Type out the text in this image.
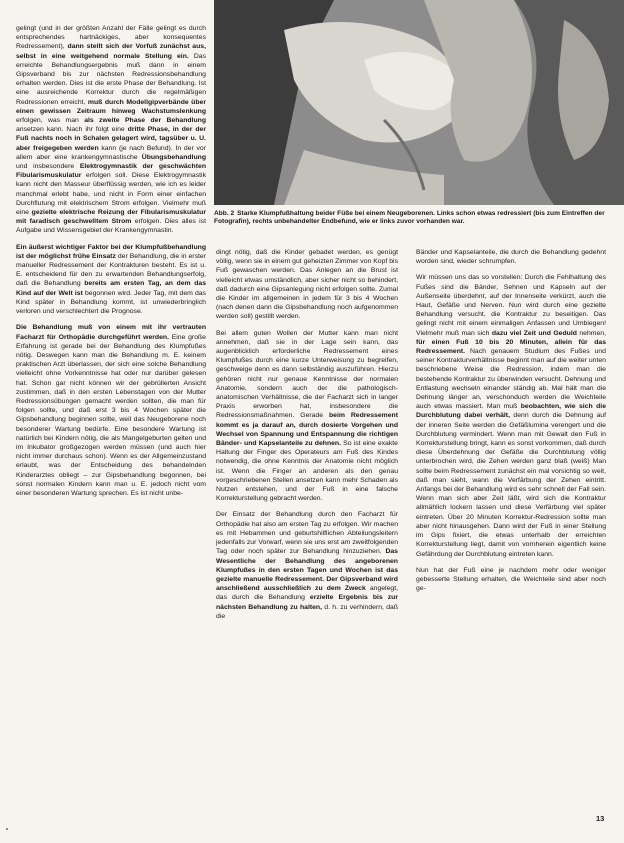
Abb. 2 Starke Klumpfußhaltung beider Füße bei einem Neugeborenen. Links schon etwas redressiert (bis zum Eintreffen der Fotografin), rechts unbehandelter Endbefund, wie er links zuvor vorhanden war.

gelingt (und in der größten Anzahl der Fälle gelingt es durch entsprechendes hartnäckiges, aber konsequentes Redressement), dann stellt sich der Vorfuß zunächst aus, selbst in eine weitgehend normale Stellung ein. Das erreichte Behandlungsergebnis muß dann in einem Gipsverband bis zur nächsten Redressionsbehandlung erhalten werden. Dies ist die erste Phase der Behandlung. Ist eine ausreichende Korrektur durch die regelmäßigen Redressionen erreicht, muß durch Modellgipverbände über einen gewissen Zeitraum hinweg Wachstumslenkung erfolgen, was man als zweite Phase der Behandlung ansetzen kann. Nach ihr folgt eine dritte Phase, in der der Fuß nachts noch in Schalen gelagert wird, tagsüber u. U. aber freigegeben werden kann (je nach Befund). In der vor allem aber eine krankengymnastische Übungsbehandlung und insbesondere Elektrogymnastik der geschwächten Fibularismuskulatur erfolgen soll. Diese Elektrogymnastik kann nicht den Masseur überflüssig werden, wie ich es leider manchmal erlebt habe, und nicht in Form einer einfachen Durchflutung mit elektrischem Strom erfolgen. Vielmehr muß eine gezielte elektrische Reizung der Fibularismuskulatur mit faradisch geschwelltem Strom erfolgen. Dies alles ist Aufgabe und Wissensgebiet der Krankengymnastin.

Ein äußerst wichtiger Faktor bei der Klumpfußbehandlung ist der möglichst frühe Einsatz der Behandlung, die in erster manueller Redressement der Kontrakturen besteht. Es ist u. E. entscheidend für den zu erwartenden Behandlungserfolg, daß die Behandlung bereits am ersten Tag, an dem das Kind auf der Welt ist begonnen wird. Jeder Tag, mit dem das Kind später in Behandlung kommt, ist unwiederbringlich verloren und verschlechtert die Prognose.

Die Behandlung muß von einem mit ihr vertrauten Facharzt für Orthopädie durchgeführt werden. Eine große Erfahrung ist gerade bei der Behandlung des Klumpfußes nötig. Deswegen kann man die Behandlung m. E. keinem praktischen Arzt überlassen, der sich eine solche Behandlung vielleicht ohne Vorkenntnisse hat oder nur darüber gelesen hat. Schon gar nicht können wir der gebrüllerten Ansicht zustimmen, daß in den ersten Lebenstagen von der Mutter Redressionsübungen gemacht werden sollten, die man für folgen sollte, und daß erst 3 bis 4 Wochen später die Gipsbehandlung beginnen sollte, weil das Neugeborene noch besonderer Wartung bedürfe. Eine besondere Wartung ist natürlich bei Kindern nötig, die als Mangelgeburten gelten und im Inkubator großgezogen werden müssen (und auch hier nicht immer durchaus schon). Wenn es der Allgemeinzustand erlaubt, was der Entscheidung des behandelnden Kinderarztes obliegt – zur Gipsbehandlung begonnen, bei sonst normalen Kindern kann man u. E. jedoch nicht vom einer besonderen Wartung sprechen. Es ist nicht unbe-

dingt nötig, daß die Kinder gebadet werden, es genügt völlig, wenn sie in einem gut geheizten Zimmer von Kopf bis Fuß gewaschen werden. Das Anlegen an die Brust ist vielleicht etwas umständlich, aber sicher nicht so behindert, daß dadurch eine Gipsanlegung nicht erfolgen sollte. Zumal die Kinder im allgemeinen in jedem für 3 bis 4 Wochen (nach denen dann die Gipsbehandlung noch aufgenommen werden soll) gestillt werden.

Bei allem guten Wollen der Mutter kann man nicht annehmen, daß sie in der Lage sein kann, das augenblicklich erforderliche Redressement eines Klumpfußes durch eine kurze Unterweisung zu begreifen, geschweige denn es dann selbständig auszuführen. Hierzu gehören nicht nur genaue Kenntnisse der normalen Anatomie, sondern auch der die pathologisch-anatomischen Verhältnisse, die der Facharzt sich in langer Praxis erworben hat, insbesondere die Redressionsmaßnahmen. Gerade beim Redressement kommt es ja darauf an, durch dosierte Vorgehen und Wechsel von Spannung und Entspannung die richtigen Bänder- und Kapselanteile zu dehnen. So ist eine exakte Haltung der Finger des Operateurs am Fuß des Kindes notwendig, die ohne Kenntnis der Anatomie nicht möglich ist. Wenn die Finger an anderen als den genau vorgeschriebenen Stellen ansetzen kann mehr Schaden als Nutzen entstehen, und der Fuß in eine falsche Korrekturstellung gebracht werden.

Der Einsatz der Behandlung durch den Facharzt für Orthopädie hat also am ersten Tag zu erfolgen. Wir machen es mit Hebammen und geburtshilflichen Abteilungsleitern jedenfalls zur Vorwarf, wenn sie uns erst am zweitfolgenden Tag oder noch später zur Behandlung hinzuziehen. Das Wesentliche der Behandlung des angeborenen Klumpfußes in den ersten Tagen und Wochen ist das gezielte manuelle Redressement. Der Gipsverband wird anschließend ausschließlich zu dem Zweck angelegt, das durch die Behandlung erzielte Ergebnis bis zur nächsten Behandlung zu halten, d. h. zu verhindern, daß die

Bänder und Kapselanteile, die durch die Behandlung gedehnt worden sind, wieder schrumpfen.

Wir müssen uns das so vorstellen: Durch die Fehlhaltung des Fußes sind die Bänder, Sehnen und Kapseln auf der Außenseite überdehnt, auf der Innenseite verkürzt, auch die Haut, Gefäße und Nerven. Nun wird durch eine gezielte Behandlung versucht, die Kontraktur zu beseitigen. Das gelingt nicht mit einem einmaligen Anfassen und Umbiegen! Vielmehr muß man sich dazu viel Zeit und Geduld nehmen, für einen Fuß 10 bis 20 Minuten, allein für das Redressement. Nach genauem Studium des Fußes und seiner Kontrakturverhältnisse beginnt man auf die weiter unten beschriebene Weise die Redression, indem man die bestehende Kontraktur zu überwinden versucht. Dehnung und Entlastung wechseln einander ständig ab. Mal hält man die Dehnung länger an, verschonduch werden die Weichteile auch etwas massiert. Man muß beobachten, wie sich die Durchblutung dabei verhält, denn durch die Dehnung auf der inneren Seite werden die Gefäßlumina verengert und die Durchblutung vermindert. Wenn man mit Gewalt den Fuß in Korrekturstellung bringt, kann es sonst vorkommen, daß durch diese Überdehnung der Gefäße die Durchblutung völlig unterbrochen wird, die Zehen werden ganz blaß (weiß) Man sollte beim Redressement zunächst ein mal vorsichtig so weit, daß man sieht, wann die Verfärbung der Zehen eintritt. Anfangs bei der Behandlung wird es sehr schnell der Fall sein. Wenn man sich aber Zeit läßt, wird sich die Kontraktur allmählich lockern lassen und diese Verfärbung viel später eintreten. Über 20 Minuten Korrektur-Redression sollte man aber nicht hinausgehen. Dann wird der Fuß in einer Stellung im Gips fixiert, die etwas unterhalb der erreichten Korrekturstellung liegt, damit von vornherein eigentlich keine Gefährdung der Durchblutung eintreten kann.

Nun hat der Fuß eine je nachdem mehr oder weniger gebesserte Stellung erhalten, die Weichteile sind aber noch ge-

13
